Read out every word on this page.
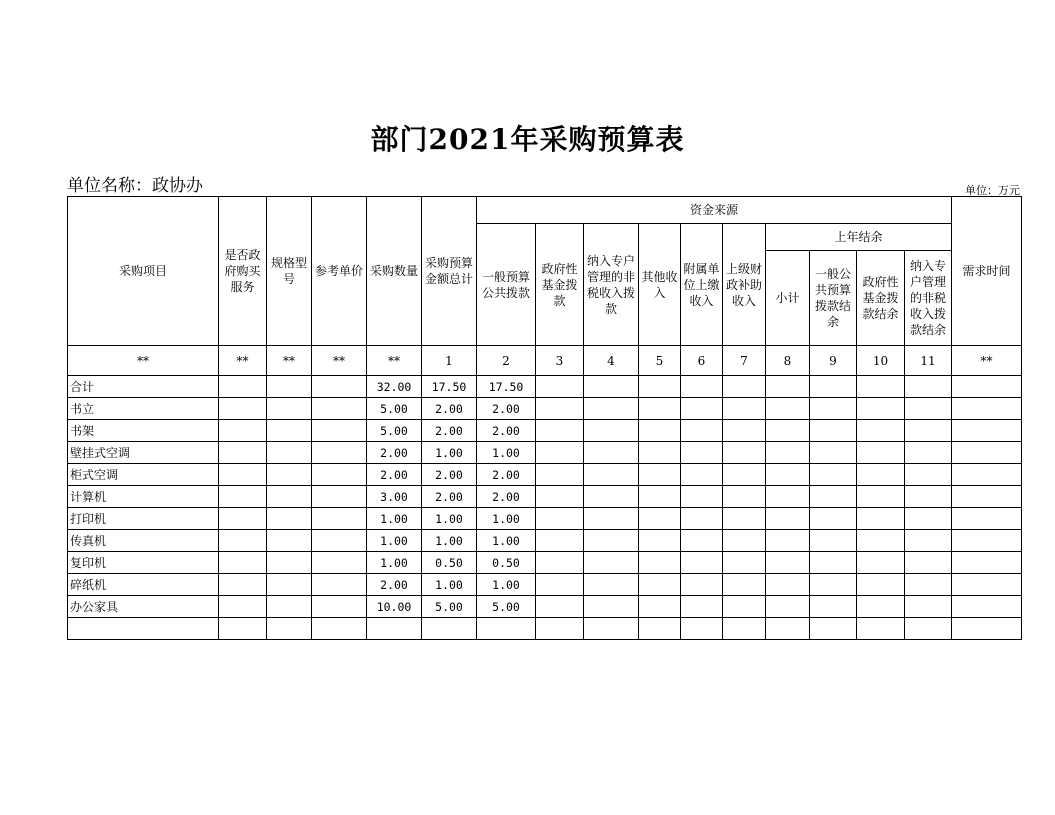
部门2021年采购预算表
单位名称：政协办	单位：万元
采购项目	是否政府购买服务	规格型号	参考单价	采购数量	采购预算金额总计	资金来源										需求时间
						一般预算公共拨款	政府性基金拨款	纳入专户管理的非税收入拨款	其他收入	附属单位上缴收入	上级财政补助收入	上年结余				
												小计	一般公共预算拨款结余	政府性基金拨款结余	纳入专户管理的非税收入拨款结余	
**	**	**	**	**	1	2	3	4	5	6	7	8	9	10	11	**
合计				32.00	17.50	17.50										
书立				5.00	2.00	2.00										
书架				5.00	2.00	2.00										
壁挂式空调				2.00	1.00	1.00										
柜式空调				2.00	2.00	2.00										
计算机				3.00	2.00	2.00										
打印机				1.00	1.00	1.00										
传真机				1.00	1.00	1.00										
复印机				1.00	0.50	0.50										
碎纸机				2.00	1.00	1.00										
办公家具				10.00	5.00	5.00										
